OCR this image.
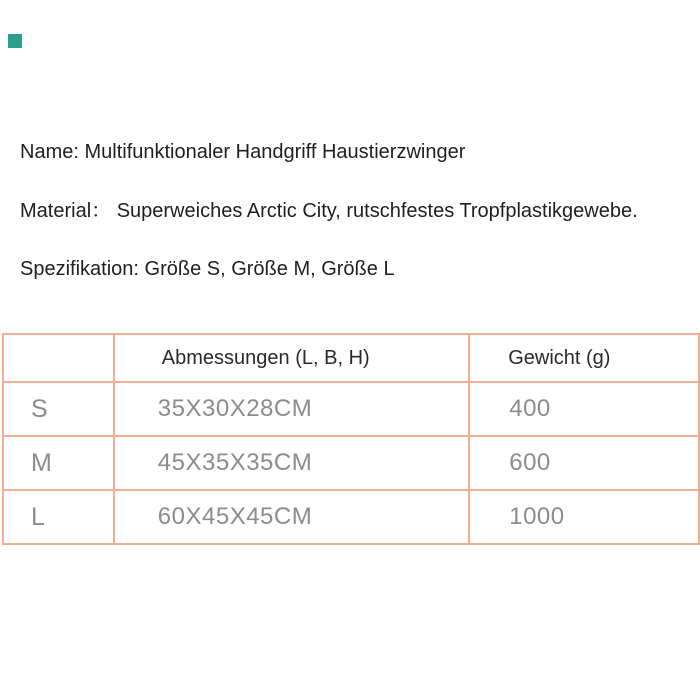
Name: Multifunktionaler Handgriff Haustierzwinger
Material： Superweiches Arctic City, rutschfestes Tropfplastikgewebe.
Spezifikation: Größe S, Größe M, Größe L
	Abmessungen (L, B, H)	Gewicht (g)
S	35X30X28CM	400
M	45X35X35CM	600
L	60X45X45CM	1000
